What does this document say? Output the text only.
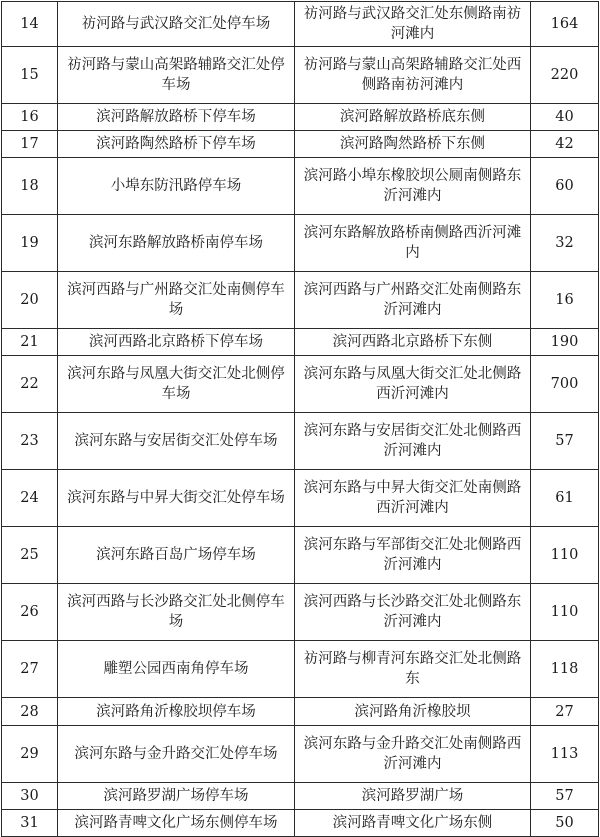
14	祊河路与武汉路交汇处停车场	祊河路与武汉路交汇处东侧路南祊河滩内	164
15	祊河路与蒙山高架路辅路交汇处停车场	祊河路与蒙山高架路辅路交汇处西侧路南祊河滩内	220
16	滨河路解放路桥下停车场	滨河路解放路桥底东侧	40
17	滨河路陶然路桥下停车场	滨河路陶然路桥下东侧	42
18	小埠东防汛路停车场	滨河路小埠东橡胶坝公厕南侧路东沂河滩内	60
19	滨河东路解放路桥南停车场	滨河东路解放路桥南侧路西沂河滩内	32
20	滨河西路与广州路交汇处南侧停车场	滨河西路与广州路交汇处南侧路东沂河滩内	16
21	滨河西路北京路桥下停车场	滨河西路北京路桥下东侧	190
22	滨河东路与凤凰大街交汇处北侧停车场	滨河东路与凤凰大街交汇处北侧路西沂河滩内	700
23	滨河东路与安居街交汇处停车场	滨河东路与安居街交汇处北侧路西沂河滩内	57
24	滨河东路与中昇大街交汇处停车场	滨河东路与中昇大街交汇处南侧路西沂河滩内	61
25	滨河东路百岛广场停车场	滨河东路与军部街交汇处北侧路西沂河滩内	110
26	滨河西路与长沙路交汇处北侧停车场	滨河西路与长沙路交汇处北侧路东沂河滩内	110
27	雕塑公园西南角停车场	祊河路与柳青河东路交汇处北侧路东	118
28	滨河路角沂橡胶坝停车场	滨河路角沂橡胶坝	27
29	滨河东路与金升路交汇处停车场	滨河东路与金升路交汇处南侧路西沂河滩内	113
30	滨河路罗湖广场停车场	滨河路罗湖广场	57
31	滨河路青啤文化广场东侧停车场	滨河路青啤文化广场东侧	50
